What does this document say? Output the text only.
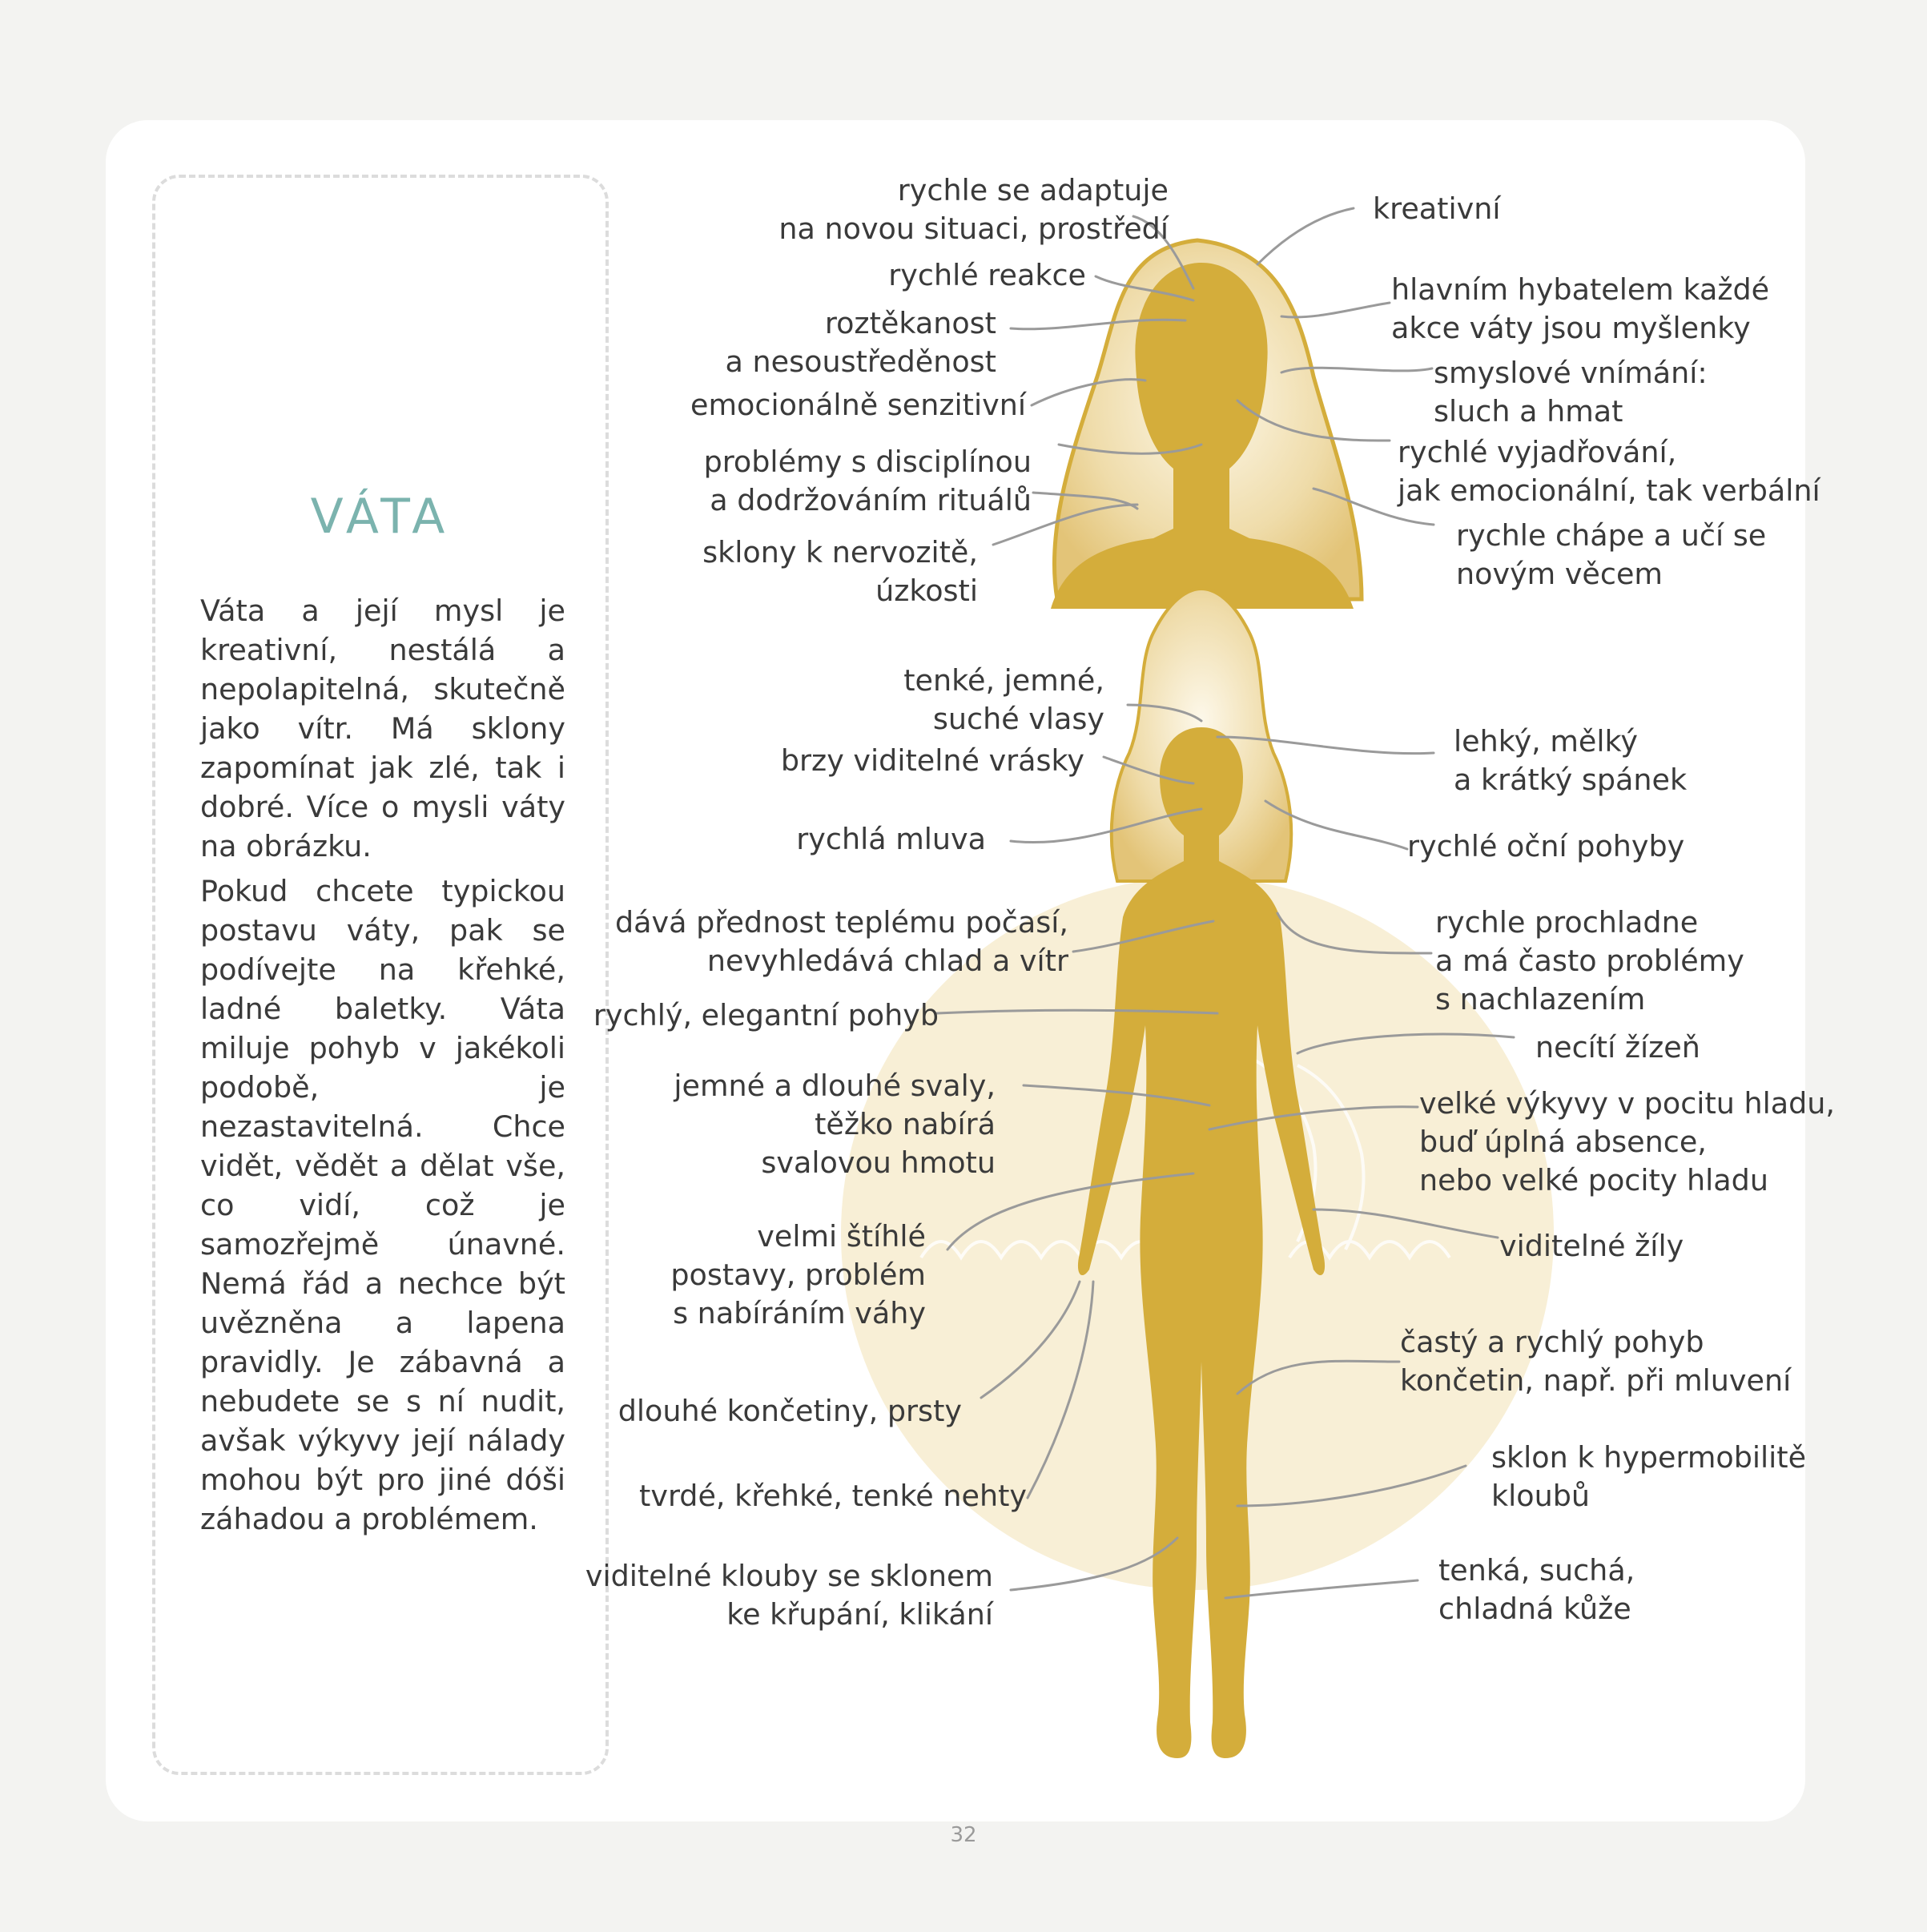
VÁTA

Váta a její mysl je kreativní, nestálá a nepolapitelná, skutečně jako vítr. Má sklony zapomínat jak zlé, tak i dobré. Více o mysli váty na obrázku.

Pokud chcete typickou postavu váty, pak se podívejte na křehké, ladné baletky. Váta miluje pohyb v jakékoli podobě, je nezastavitelná. Chce vidět, vědět a dělat vše, co vidí, což je samozřejmě únavné. Nemá řád a nechce být uvězněna a lapena pravidly. Je zábavná a nebudete se s ní nudit, avšak výkyvy její nálady mohou být pro jiné dóši záhadou a problémem.

rychle se adaptuje
na novou situaci, prostředí
rychlé reakce
roztěkanost
a nesoustředěnost
emocionálně senzitivní
problémy s disciplínou
a dodržováním rituálů
sklony k nervozitě,
úzkosti
kreativní
hlavním hybatelem každé
akce váty jsou myšlenky
smyslové vnímání:
sluch a hmat
rychlé vyjadřování,
jak emocionální, tak verbální
rychle chápe a učí se
novým věcem
tenké, jemné,
suché vlasy
brzy viditelné vrásky
rychlá mluva
dává přednost teplému počasí,
nevyhledává chlad a vítr
rychlý, elegantní pohyb
jemné a dlouhé svaly,
těžko nabírá
svalovou hmotu
velmi štíhlé
postavy, problém
s nabíráním váhy
dlouhé končetiny, prsty
tvrdé, křehké, tenké nehty
viditelné klouby se sklonem
ke křupání, klikání
lehký, mělký
a krátký spánek
rychlé oční pohyby
rychle prochladne
a má často problémy
s nachlazením
necítí žízeň
velké výkyvy v pocitu hladu,
buď úplná absence,
nebo velké pocity hladu
viditelné žíly
častý a rychlý pohyb
končetin, např. při mluvení
sklon k hypermobilitě
kloubů
tenká, suchá,
chladná kůže
32
